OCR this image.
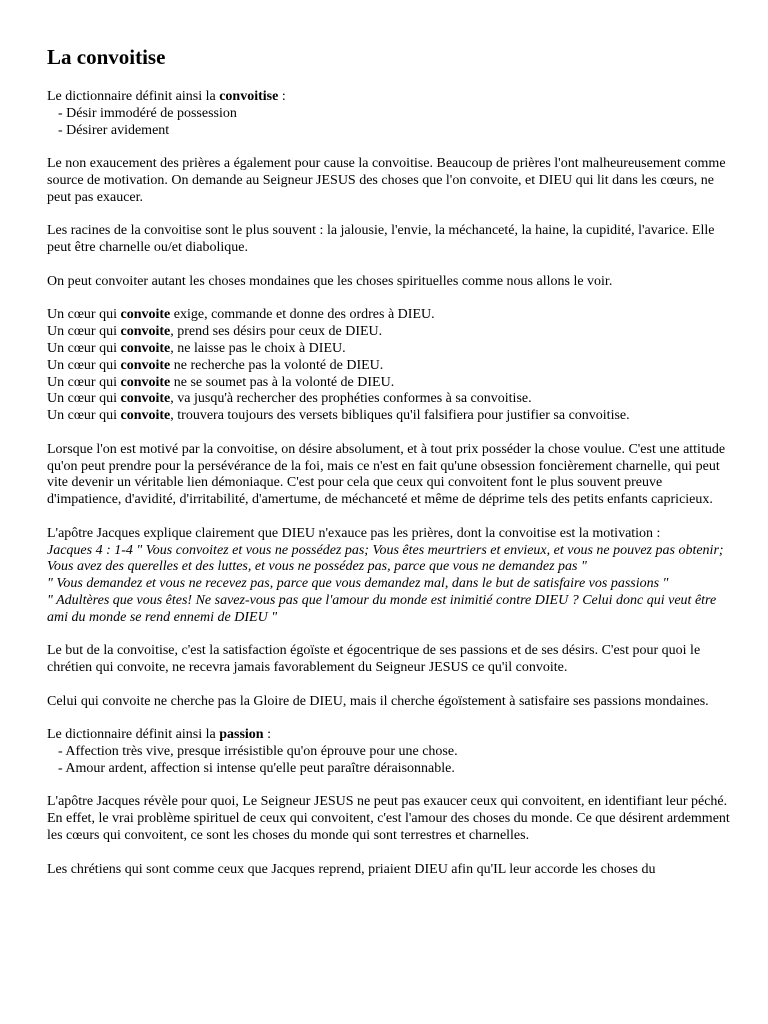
La convoitise

Le dictionnaire définit ainsi la convoitise :
- Désir immodéré de possession
- Désirer avidement

Le non exaucement des prières a également pour cause la convoitise. Beaucoup de prières l'ont malheureusement comme source de motivation. On demande au Seigneur JESUS des choses que l'on convoite, et DIEU qui lit dans les cœurs, ne peut pas exaucer.

Les racines de la convoitise sont le plus souvent : la jalousie, l'envie, la méchanceté, la haine, la cupidité, l'avarice. Elle peut être charnelle ou/et diabolique.

On peut convoiter autant les choses mondaines que les choses spirituelles comme nous allons le voir.

Un cœur qui convoite exige, commande et donne des ordres à DIEU.
Un cœur qui convoite, prend ses désirs pour ceux de DIEU.
Un cœur qui convoite, ne laisse pas le choix à DIEU.
Un cœur qui convoite ne recherche pas la volonté de DIEU.
Un cœur qui convoite ne se soumet pas à la volonté de DIEU.
Un cœur qui convoite, va jusqu'à rechercher des prophéties conformes à sa convoitise.
Un cœur qui convoite, trouvera toujours des versets bibliques qu'il falsifiera pour justifier sa convoitise.

Lorsque l'on est motivé par la convoitise, on désire absolument, et à tout prix posséder la chose voulue. C'est une attitude qu'on peut prendre pour la persévérance de la foi, mais ce n'est en fait qu'une obsession foncièrement charnelle, qui peut vite devenir un véritable lien démoniaque. C'est pour cela que ceux qui convoitent font le plus souvent preuve d'impatience, d'avidité, d'irritabilité, d'amertume, de méchanceté et même de déprime tels des petits enfants capricieux.

L'apôtre Jacques explique clairement que DIEU n'exauce pas les prières, dont la convoitise est la motivation :
Jacques 4 : 1-4 " Vous convoitez et vous ne possédez pas; Vous êtes meurtriers et envieux, et vous ne pouvez pas obtenir; Vous avez des querelles et des luttes, et vous ne possédez pas, parce que vous ne demandez pas "
" Vous demandez et vous ne recevez pas, parce que vous demandez mal, dans le but de satisfaire vos passions "
" Adultères que vous êtes! Ne savez-vous pas que l'amour du monde est inimitié contre DIEU ? Celui donc qui veut être ami du monde se rend ennemi de DIEU "

Le but de la convoitise, c'est la satisfaction égoïste et égocentrique de ses passions et de ses désirs. C'est pour quoi le chrétien qui convoite, ne recevra jamais favorablement du Seigneur JESUS ce qu'il convoite.

Celui qui convoite ne cherche pas la Gloire de DIEU, mais il cherche égoïstement à satisfaire ses passions mondaines.

Le dictionnaire définit ainsi la passion :
- Affection très vive, presque irrésistible qu'on éprouve pour une chose.
- Amour ardent, affection si intense qu'elle peut paraître déraisonnable.

L'apôtre Jacques révèle pour quoi, Le Seigneur JESUS ne peut pas exaucer ceux qui convoitent, en identifiant leur péché. En effet, le vrai problème spirituel de ceux qui convoitent, c'est l'amour des choses du monde. Ce que désirent ardemment les cœurs qui convoitent, ce sont les choses du monde qui sont terrestres et charnelles.

Les chrétiens qui sont comme ceux que Jacques reprend, priaient DIEU afin qu'IL leur accorde les choses du
